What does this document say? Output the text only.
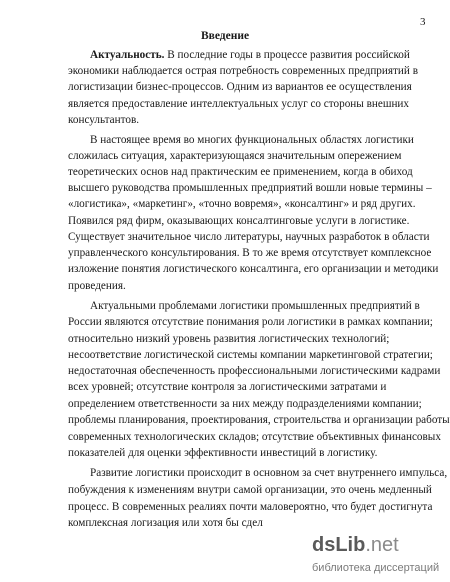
3
Введение
Актуальность. В последние годы в процессе развития российской
экономики наблюдается острая потребность современных предприятий в
логистизации бизнес-процессов. Одним из вариантов ее осуществления
является предоставление интеллектуальных услуг со стороны внешних
консультантов.
В настоящее время во многих функциональных областях логистики
сложилась ситуация, характеризующаяся значительным опережением
теоретических основ над практическим ее применением, когда в обиход
высшего руководства промышленных предприятий вошли новые термины –
«логистика», «маркетинг», «точно вовремя», «консалтинг» и ряд других.
Появился ряд фирм, оказывающих консалтинговые услуги в логистике.
Существует значительное число литературы, научных разработок в области
управленческого консультирования. В то же время отсутствует комплексное
изложение понятия логистического консалтинга, его организации и методики
проведения.
Актуальными проблемами логистики промышленных предприятий в
России являются отсутствие понимания роли логистики в рамках компании;
относительно низкий уровень развития логистических технологий;
несоответствие логистической системы компании маркетинговой стратегии;
недостаточная обеспеченность профессиональными логистическими кадрами
всех уровней; отсутствие контроля за логистическими затратами и
определением ответственности за них между подразделениями компании;
проблемы планирования, проектирования, строительства и организации работы
современных технологических складов; отсутствие объективных финансовых
показателей для оценки эффективности инвестиций в логистику.
Развитие логистики происходит в основном за счет внутреннего импульса,
побуждения к изменениям внутри самой организации, это очень медленный
процесс. В современных реалиях почти маловероятно, что будет достигнута
комплексная логизация или хотя бы сдел
dsLib.net
библиотека диссертаций
